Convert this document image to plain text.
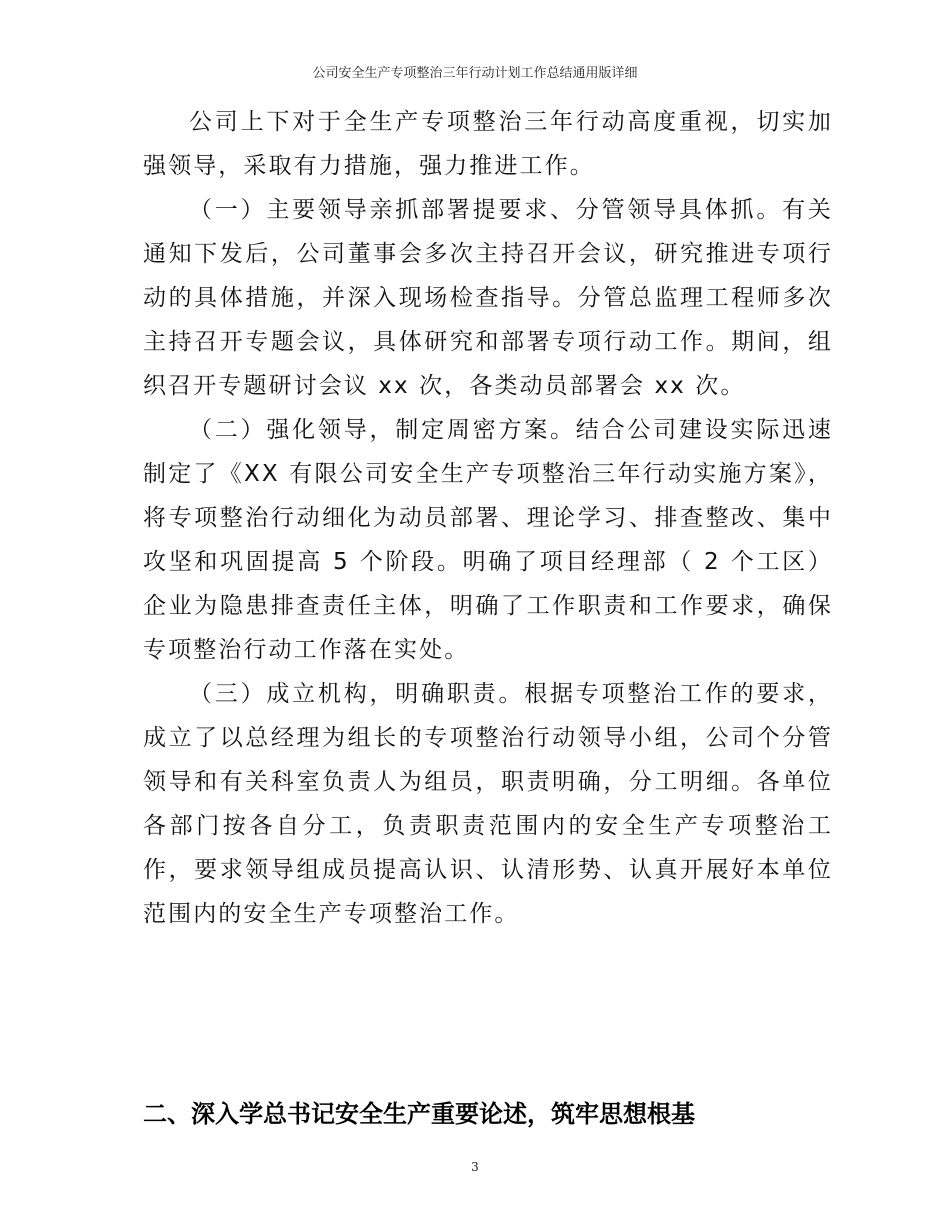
公司安全生产专项整治三年行动计划工作总结通用版详细

公司上下对于全生产专项整治三年行动高度重视，切实加强领导，采取有力措施，强力推进工作。

（一）主要领导亲抓部署提要求、分管领导具体抓。有关通知下发后，公司董事会多次主持召开会议，研究推进专项行动的具体措施，并深入现场检查指导。分管总监理工程师多次主持召开专题会议，具体研究和部署专项行动工作。期间，组织召开专题研讨会议 xx 次，各类动员部署会 xx 次。

（二）强化领导，制定周密方案。结合公司建设实际迅速制定了《XX 有限公司安全生产专项整治三年行动实施方案》，将专项整治行动细化为动员部署、理论学习、排查整改、集中攻坚和巩固提高 5 个阶段。明确了项目经理部（ 2 个工区）企业为隐患排查责任主体，明确了工作职责和工作要求，确保专项整治行动工作落在实处。

（三）成立机构，明确职责。根据专项整治工作的要求，成立了以总经理为组长的专项整治行动领导小组，公司个分管领导和有关科室负责人为组员，职责明确，分工明细。各单位各部门按各自分工，负责职责范围内的安全生产专项整治工作，要求领导组成员提高认识、认清形势、认真开展好本单位范围内的安全生产专项整治工作。

二、深入学总书记安全生产重要论述，筑牢思想根基
3
